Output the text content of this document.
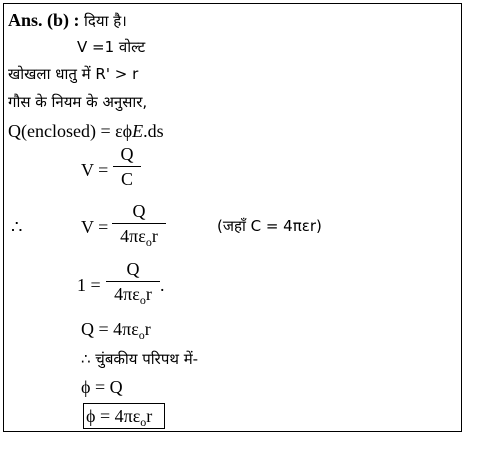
Ans. (b) : दिया है।
V =1 वोल्ट
खोखला धातु में R' > r
गौस के नियम के अनुसार,
Q(enclosed) = εϕE.ds
$V = \frac{Q}{C}$
∴	V =
Q
$4\pi\varepsilon_or$	(जहाँ C = 4πεr)
1 =
Q
$4\pi\varepsilon_or$ .
$Q = 4\pi\varepsilon_or$
∴ चुंबकीय परिपथ में-
ϕ = Q
$\phi = 4\pi\varepsilon_or$
